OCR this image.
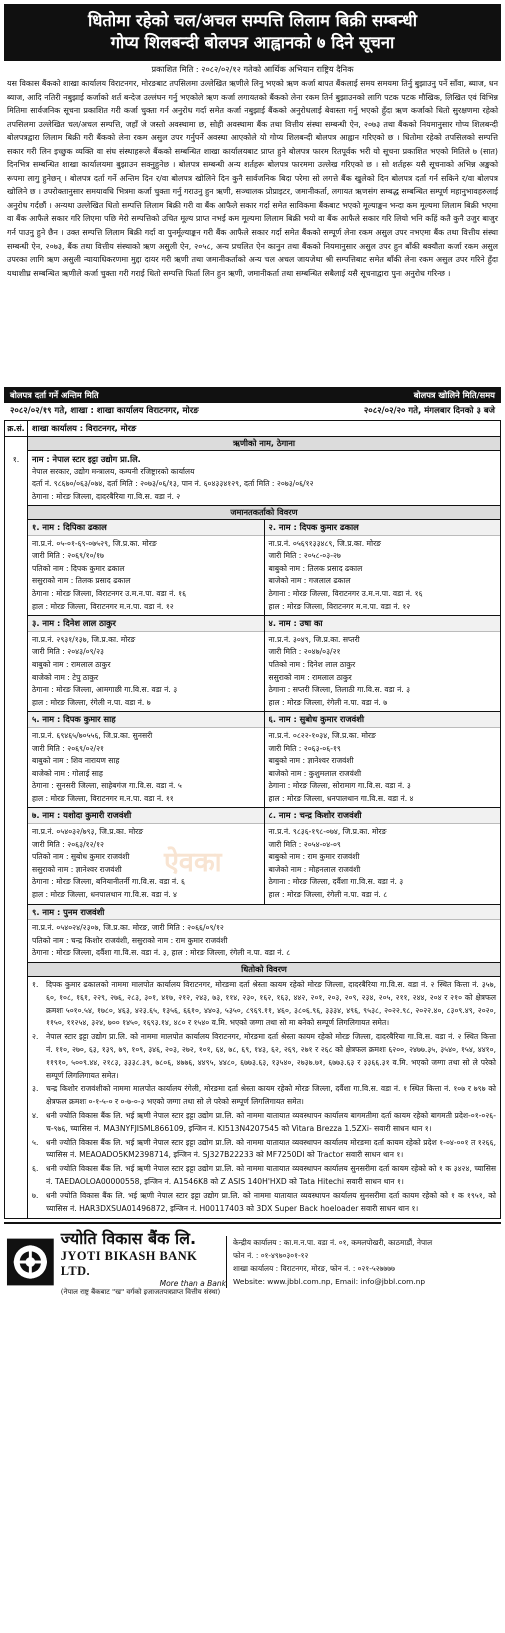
धितोमा रहेको चल/अचल सम्पत्ति लिलाम बिक्री सम्बन्धी
गोप्य शिलबन्दी बोलपत्र आह्वानको ७ दिने सूचना
प्रकाशित मिति : २०८२/०२/१२ गतेको आर्थिक अभियान राष्ट्रिय दैनिक
यस विकास बैंकको शाखा कार्यालय विराटनगर, मोरङबाट तपसिलमा उल्लेखित ऋणीले लिनु भएको ऋण कर्जा बापत बैंकलाई समय समयमा तिर्नु बुझाउनु पर्ने साँवा, ब्याज, धन ब्याज, आदि नतिरी नबुझाई कर्जाको शर्त बन्देज उल्लंघन गर्नु भएकोले ऋण कर्जा लगायतको बैंकको लेना रकम तिर्न बुझाउनको लागि पटक पटक मौखिक, लिखित एवं विभिन्न मितिमा सार्वजनिक सूचना प्रकाशित गरी कर्जा चुक्ता गर्न अनुरोध गर्दा समेत कर्जा नबुझाई बैंकको अनुरोधलाई बेवास्ता गर्नु भएको हुँदा ऋण कर्जाको धितो सुरक्षणमा रहेको तपसिलमा उल्लेखित चल/अचल सम्पत्ति, जहाँ जे जस्तो अवस्थामा छ, सोही अवस्थामा बैंक तथा वित्तीय संस्था सम्बन्धी ऐन, २०७३ तथा बैंकको नियमानुसार गोप्य शिलबन्दी बोलपत्रद्वारा लिलाम बिक्री गरी बैंकको लेना रकम असुल उपर गर्नुपर्ने अवस्था आएकोले यो गोप्य शिलबन्दी बोलपत्र आह्वान गरिएको छ । धितोमा रहेको तपसिलको सम्पत्ति सकार गरी लिन इच्छुक व्यक्ति वा संघ संस्थाहरूले बैंकको सम्बन्धित शाखा कार्यालयबाट प्राप्त हुने बोलपत्र फारम रितपूर्वक भरी यो सूचना प्रकाशित भएको मितिले ७ (सात) दिनभित्र सम्बन्धित शाखा कार्यालयमा बुझाउन सक्नुहुनेछ । बोलपत्र सम्बन्धी अन्य शर्तहरू बोलपत्र फारममा उल्लेख गरिएको छ । सो शर्तहरू यसै सूचनाको अभिन्न अङ्कको रूपमा लागु हुनेछन् । बोलपत्र दर्ता गर्ने अन्तिम दिन र/वा बोलपत्र खोलिने दिन कुनै सार्वजनिक बिदा परेमा सो लगत्ते बैंक खुलेको दिन बोलपत्र दर्ता गर्न सकिने र/वा बोलपत्र खोलिने छ । उपरोक्तानुसार समयावधि भित्रमा कर्जा चुक्ता गर्नु गराउनु हुन ऋणी, सञ्चालक प्रोप्राइटर, जमानीकर्ता, लगायत ऋणसंग सम्बद्ध सम्बन्धित सम्पूर्ण महानुभावहरुलाई अनुरोध गर्दछौं । अन्यथा उल्लेखित धितो सम्पत्ति लिलाम बिक्री गरी वा बैंक आफैले सकार गर्दा समेत साविकमा बैंकबाट भएको मूल्याङ्कन भन्दा कम मूल्यमा लिलाम बिक्री भएमा वा बैंक आफैले सकार गरि लिएमा पछि मेरो सम्पत्तिको उचित मूल्य प्राप्त नभई कम मूल्यमा लिलाम बिक्री भयो वा बैंक आफैले सकार गरि लियो भनि कहिं कतै कुनै उजुर बाजुर गर्न पाउनु हुने छैन । उक्त सम्पत्ति लिलाम बिक्री गर्दा वा पुनर्मूल्याङ्कन गरी बैंक आफैले सकार गर्दा समेत बैंकको सम्पूर्ण लेना रकम असुल उपर नभएमा बैंक तथा वित्तीय संस्था सम्बन्धी ऐन, २०७३, बैंक तथा वित्तीय संस्थाको ऋण असुली ऐन, २०५८, अन्य प्रचलित ऐन कानुन तथा बैंकको नियमानुसार असुल उपर हुन बाँकी बक्यौता कर्जा रकम असुल उपरका लागि ऋण असुली न्यायाधिकरणमा मुद्दा दायर गरी ऋणी तथा जमानीकर्ताको अन्य चल अचल जायजेथा श्री सम्पत्तिबाट समेत बाँकी लेना रकम असुल उपर गरिने हुँदा यथाशीघ्र सम्बन्धित ऋणीले कर्जा चुक्ता गरी गराई धितो सम्पत्ति फिर्ता लिन हुन ऋणी, जमानीकर्ता तथा सम्बन्धित सबैलाई यसै सूचनाद्वारा पुनः अनुरोध गरिन्छ ।
बोलपत्र दर्ता गर्ने अन्तिम मिति	बोलपत्र खोलिने मिति/समय
२०८२/०२/१९ गते, शाखा : शाखा कार्यालय विराटनगर, मोरङ	२०८२/०२/२० गते, मंगलबार दिनको ३ बजे
क्र.सं.
१.
शाखा कार्यालय : विराटनगर, मोरङ
ऋणीको नाम, ठेगाना
नाम : नेपाल स्टार इट्टा उद्योग प्रा.लि.
नेपाल सरकार, उद्योग मन्त्रालय, कम्पनी रजिष्ट्रारको कार्यालय
दर्ता नं. ९८६७०/०६३/०७४, दर्ता मिति : २०७३/०६/१३, पान नं. ६०४३३४१२९, दर्ता मिति : २०७३/०६/१२
ठेगाना : मोरङ जिल्ला, दादरबैरिया गा.वि.स. वडा नं. २
जमानतकर्ताको विवरण
१. नाम : दिपिका ढकाल
ना.प्र.नं. ०५-०१-६९-०७५२९, जि.प्र.का. मोरङ
जारी मिति : २०६९/१०/१७
पतिको नाम : दिपक कुमार ढकाल
ससुराको नाम : तिलक प्रसाद ढकाल
ठेगाना : मोरङ जिल्ला, विराटनगर उ.म.न.पा. वडा नं. १६
हाल : मोरङ जिल्ला, विराटनगर म.न.पा. वडा नं. १२
२. नाम : दिपक कुमार ढकाल
ना.प्र.नं. ०५६९१३३४८९, जि.प्र.का. मोरङ
जारी मिति : २०५८-०३-२७
बाबुको नाम : तिलक प्रसाद ढकाल
बाजेको नाम : गजलाल ढकाल
ठेगाना : मोरङ जिल्ला, विराटनगर उ.म.न.पा. वडा नं. १६
हाल : मोरङ जिल्ला, विराटनगर म.न.पा. वडा नं. १२
३. नाम : दिनेश लाल ठाकुर
ना.प्र.नं. २९३१/१३७, जि.प्र.का. मोरङ
जारी मिति : २०४३/०९/२३
बाबुको नाम : रामलाल ठाकुर
बाजेको नाम : टेपु ठाकुर
ठेगाना : मोरङ जिल्ला, आमगाछी गा.वि.स. वडा नं. ३
हाल : मोरङ जिल्ला, रंगेली न.पा. वडा नं. ७
४. नाम : उषा का
ना.प्र.नं. ३०४९, जि.प्र.का. सप्तरी
जारी मिति : २०४७/०३/२१
पतिको नाम : दिनेश लाल ठाकुर
ससुराको नाम : रामलाल ठाकुर
ठेगाना : सप्तरी जिल्ला, तिलाठी गा.वि.स. वडा नं. ३
हाल : मोरङ जिल्ला, रंगेली न.पा. वडा नं. ७
५. नाम : दिपक कुमार साह
ना.प्र.नं. ६९४६५/७०५५६, जि.प्र.का. सुनसरी
जारी मिति : २०६९/०२/२१
बाबुको नाम : शिव नारायण साह
बाजेको नाम : गोलाई साह
ठेगाना : सुनसरी जिल्ला, साहेबगंज गा.वि.स. वडा नं. ५
हाल : मोरङ जिल्ला, विराटनगर म.न.पा. वडा नं. ११
६. नाम : सुबोध कुमार राजवंशी
ना.प्र.नं. ०८२२-१०३४, जि.प्र.का. मोरङ
जारी मिति : २०६३-०६-१९
बाबुको नाम : ज्ञानेश्वर राजवंशी
बाजेको नाम : कुशुमलाल राजवंशी
ठेगाना : मोरङ जिल्ला, सोरामाग गा.वि.स. वडा नं. ३
हाल : मोरङ जिल्ला, धनपालथान गा.वि.स. वडा नं. ४
७. नाम : यशोदा कुमारी राजवंशी
ना.प्र.नं. ०५४०३२/७९३, जि.प्र.का. मोरङ
जारी मिति : २०६३/१२/१२
पतिको नाम : सुबोध कुमार राजवंशी
ससुराको नाम : ज्ञानेश्वर राजवंशी
ठेगाना : मोरङ जिल्ला, बनियानीतर्नी गा.वि.स. वडा नं. ६
हाल : मोरङ जिल्ला, धनपालथान गा.वि.स. वडा नं. ४
८. नाम : चन्द्र किशोर राजवंशी
ना.प्र.नं. ९८३६-१९८-०७४, जि.प्र.का. मोरङ
जारी मिति : २०५४-०४-०९
बाबुको नाम : राम कुमार राजवंशी
बाजेको नाम : मोहनलाल राजवंशी
ठेगाना : मोरङ जिल्ला, दर्वैशा गा.वि.स. वडा नं. ३
हाल : मोरङ जिल्ला, रंगेली न.पा. वडा नं. ८
९. नाम : पुनम राजवंशी
ना.प्र.नं. ०५४०२४/२३०७, जि.प्र.का. मोरङ, जारी मिति : २०६६/०९/१२
पतिको नाम : चन्द्र किशोर राजवंशी, ससुराको नाम : राम कुमार राजवंशी
ठेगाना : मोरङ जिल्ला, दर्वैशा गा.वि.स. वडा नं. ३, हाल : मोरङ जिल्ला, रंगेली न.पा. वडा नं. ८
धितोको विवरण
१.	दिपक कुमार ढकालको नाममा मालपोत कार्यालय विराटनगर, मोरङमा दर्ता श्रेस्ता कायम रहेको मोरङ जिल्ला, दादरबैरिया गा.वि.स. वडा नं. २ स्थित कित्ता नं. ३५७, ६०, १०८, १६१, २२९, २७६, २८३, ३०१, ४१७, २१२, २४३, ७३, ११४, २३०, १६२, १६३, ४४२, २०१, २०३, २०९, २३४, २०५, २११, २४४, २०४ र २१० को क्षेत्रफल क्रमशः ५०१०.५४, १७८०, ४६३, ४२३.६५, १३५६, ६६१०, ४४०३, ५३५०, ८९६९.११, ४६०, ३८०६.९६, ३३३४, ४९६, ९५३८, २०२२.९८, २०२२.४०, ८३०९.४९, २०२०, ११५०, ११२५४, ३२४, ७०० १४५०, १६९३.१४, ४८० र १५४० व.मि. भएको जग्गा तथा सो मा बनेको सम्पूर्ण लिगलिगायत समेत।
२.	नेपाल स्टार इट्टा उद्योग प्रा.लि. को नाममा मालपोत कार्यालय विराटनगर, मोरङमा दर्ता श्रेस्ता कायम रहेको मोरङ जिल्ला, दादरबैरिया गा.वि.स. वडा नं. २ स्थित कित्ता नं. ११०, २७०, ६३, १३९, ७९, १०९, ३४६, २०३, २७२, १०१, ६४, ७८, ६९, १४३, ६२, २६९, २७१ र २६८ को क्षेत्रफल क्रमशः ६२००, २४७७.३५, ३५४०, १५४, ४४१०, ११९१०, ५००९.४४, २१८३, ३३३८.३९, ७८०६, ४७७६, ४४९५, ४४८०, ६७७३.६३, १३५४०, २७३७.७१, ६७७३.६३ र ३३६६.३१ व.मि. भएको जग्गा तथा सो ले परेको सम्पूर्ण लिगलिगायत समेत।
३.	चन्द्र किशोर राजवंशीको नाममा मालपोत कार्यालय रंगेली, मोरङमा दर्ता श्रेस्ता कायम रहेको मोरङ जिल्ला, दर्वैशा गा.वि.स. वडा नं. १ स्थित कित्ता नं. १०७ र ७९७ को क्षेत्रफल क्रमशः ०-१-५-० र ०-७-०-३ भएको जग्गा तथा सो ले परेको सम्पूर्ण लिगलिगायत समेत।
४.	धनी ज्योति विकास बैंक लि. भई ऋणी नेपाल स्टार इट्टा उद्योग प्रा.लि. को नाममा यातायात व्यवस्थापन कार्यालय बागमतीमा दर्ता कायम रहेको बागमती प्रदेश-०१-०२६-च-९७६, च्यासिस नं. MA3NYFJISML866109, इन्जिन नं. KI513N4207545 को Vitara Brezza 1.5ZXi- सवारी साधन थान १।
५.	धनी ज्योति विकास बैंक लि. भई ऋणी नेपाल स्टार इट्टा उद्योग प्रा.लि. को नाममा यातायात व्यवस्थापन कार्यालय मोरङमा दर्ता कायम रहेको प्रदेश १-०४-००१ त १२६६, च्यासिस नं. MEAOADO5KM2398714, इन्जिन नं. SJ327B22233 को MF7250DI को Tractor सवारी साधन थान १।
६.	धनी ज्योति विकास बैंक लि. भई ऋणी नेपाल स्टार इट्टा उद्योग प्रा.लि. को नाममा यातायात व्यवस्थापन कार्यालय सुनसरीमा दर्ता कायम रहेको को १ क ३४२४, च्यासिस नं. TAEDAOLOA00000558, इन्जिन नं. A1546K8 को Z ASIS 140H'HXD को Tata Hitechi सवारी साधन थान १।
७.	धनी ज्योति विकास बैंक लि. भई ऋणी नेपाल स्टार इट्टा उद्योग प्रा.लि. को नाममा यातायात व्यवस्थापन कार्यालय सुनसरीमा दर्ता कायम रहेको को १ क १९५१, को च्यासिस नं. HAR3DXSUA01496872, इन्जिन नं. H00117403 को 3DX Super Back hoeloader सवारी साधन थान १।
ज्योति विकास बैंक लि.
JYOTI BIKASH BANK LTD.
More than a Bank
(नेपाल राष्ट्र बैंकबाट "ख" वर्गको इजाजतपत्रप्राप्त वित्तीय संस्था)
केन्द्रीय कार्यालय : का.म.न.पा. वडा नं. ०१, कमलपोखरी, काठमाडौं, नेपाल
फोन नं. : ०१-४९७०३०१-१२
शाखा कार्यालय : विराटनगर, मोरङ, फोन नं. : ०२१-५२७७७७
Website: www.jbbl.com.np, Email: info@jbbl.com.np
ऐवका
